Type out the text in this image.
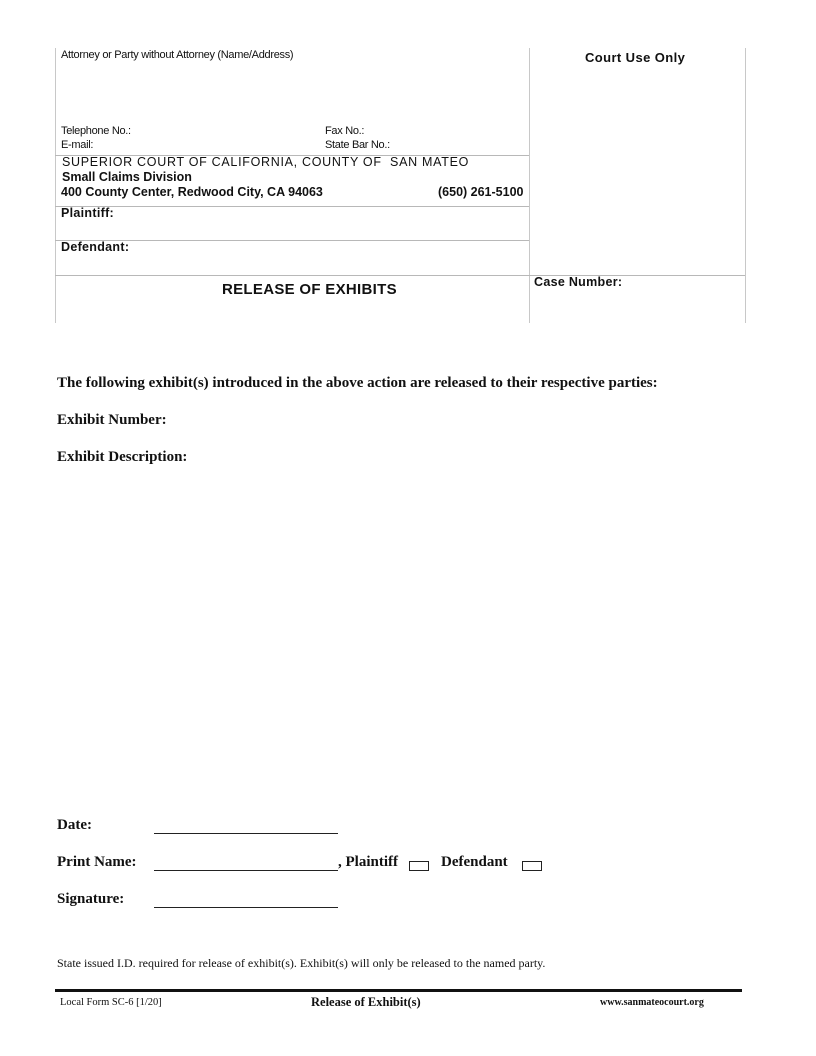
Attorney or Party without Attorney (Name/Address)	Court Use Only
Telephone No.:	Fax No.:
E-mail:	State Bar No.:
SUPERIOR COURT OF CALIFORNIA, COUNTY OF  SAN MATEO
Small Claims Division
400 County Center, Redwood City, CA 94063	(650) 261-5100
Plaintiff:
Defendant:
RELEASE OF EXHIBITS	Case Number:
The following exhibit(s) introduced in the above action are released to their respective parties:
Exhibit Number:
Exhibit Description:
Date:
Print Name:	, Plaintiff	Defendant
Signature:
State issued I.D. required for release of exhibit(s). Exhibit(s) will only be released to the named party.
Local Form SC-6 [1/20]	Release of Exhibit(s)	www.sanmateocourt.org
